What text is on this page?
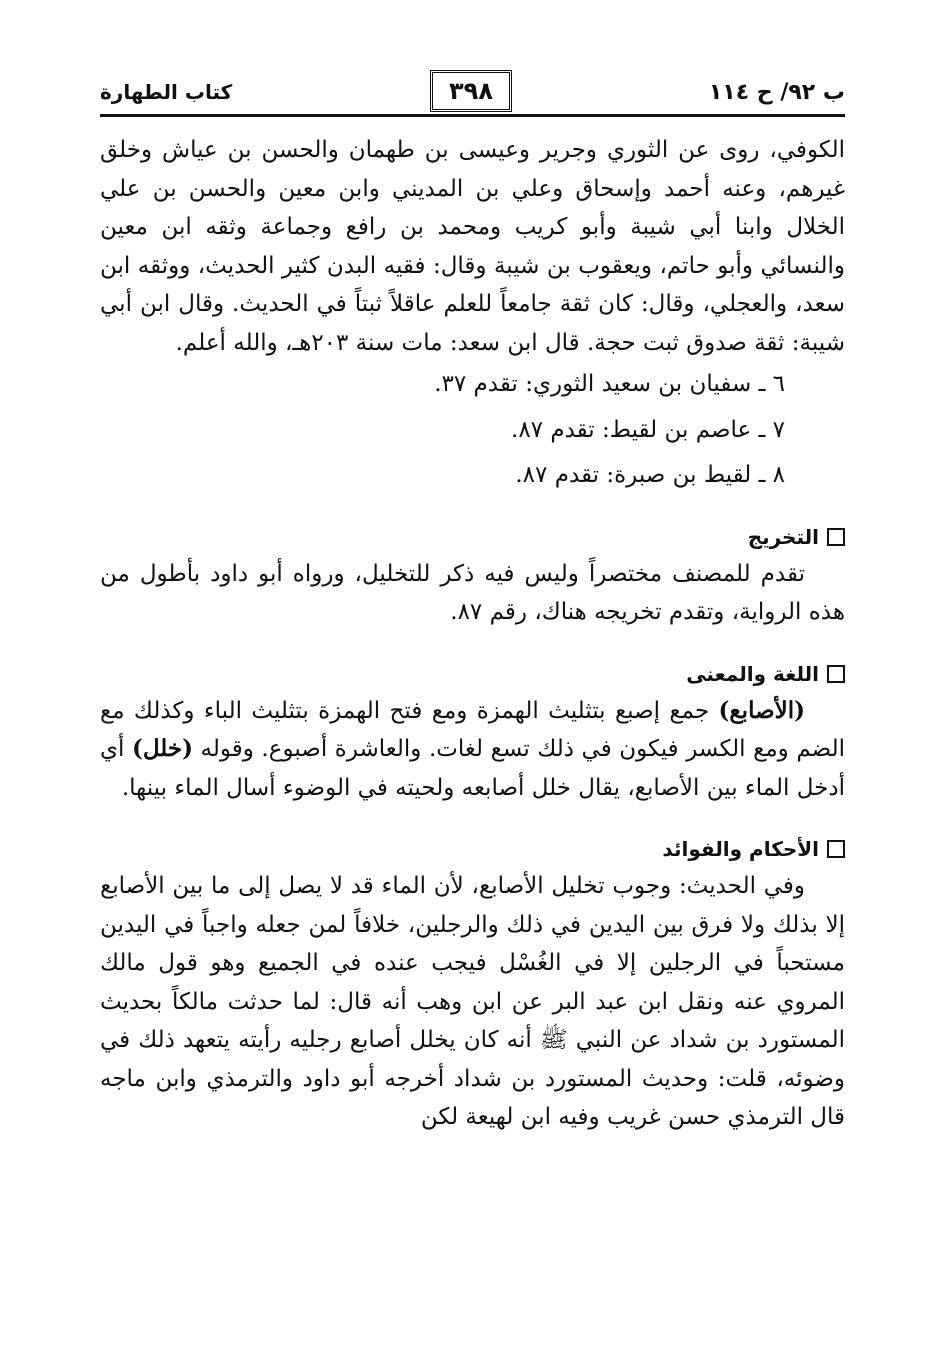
ب ٩٢/ ح ١١٤
٣٩٨
كتاب الطهارة

الكوفي، روى عن الثوري وجرير وعيسى بن طهمان والحسن بن عياش وخلق غيرهم، وعنه أحمد وإسحاق وعلي بن المديني وابن معين والحسن بن علي الخلال وابنا أبي شيبة وأبو كريب ومحمد بن رافع وجماعة وثقه ابن معين والنسائي وأبو حاتم، ويعقوب بن شيبة وقال: فقيه البدن كثير الحديث، ووثقه ابن سعد، والعجلي، وقال: كان ثقة جامعاً للعلم عاقلاً ثبتاً في الحديث. وقال ابن أبي شيبة: ثقة صدوق ثبت حجة. قال ابن سعد: مات سنة ٢٠٣هـ، والله أعلم.

٦ ـ سفيان بن سعيد الثوري: تقدم ٣٧.
٧ ـ عاصم بن لقيط: تقدم ٨٧.
٨ ـ لقيط بن صبرة: تقدم ٨٧.
التخريج

تقدم للمصنف مختصراً وليس فيه ذكر للتخليل، ورواه أبو داود بأطول من هذه الرواية، وتقدم تخريجه هناك، رقم ٨٧.

اللغة والمعنى

(الأصابع) جمع إصبع بتثليث الهمزة ومع فتح الهمزة بتثليث الباء وكذلك مع الضم ومع الكسر فيكون في ذلك تسع لغات. والعاشرة أصبوع. وقوله (خلل) أي أدخل الماء بين الأصابع، يقال خلل أصابعه ولحيته في الوضوء أسال الماء بينها.

الأحكام والفوائد

وفي الحديث: وجوب تخليل الأصابع، لأن الماء قد لا يصل إلى ما بين الأصابع إلا بذلك ولا فرق بين اليدين في ذلك والرجلين، خلافاً لمن جعله واجباً في اليدين مستحباً في الرجلين إلا في الغُسْل فيجب عنده في الجميع وهو قول مالك المروي عنه ونقل ابن عبد البر عن ابن وهب أنه قال: لما حدثت مالكاً بحديث المستورد بن شداد عن النبي ﷺ أنه كان يخلل أصابع رجليه رأيته يتعهد ذلك في وضوئه، قلت: وحديث المستورد بن شداد أخرجه أبو داود والترمذي وابن ماجه قال الترمذي حسن غريب وفيه ابن لهيعة لكن
